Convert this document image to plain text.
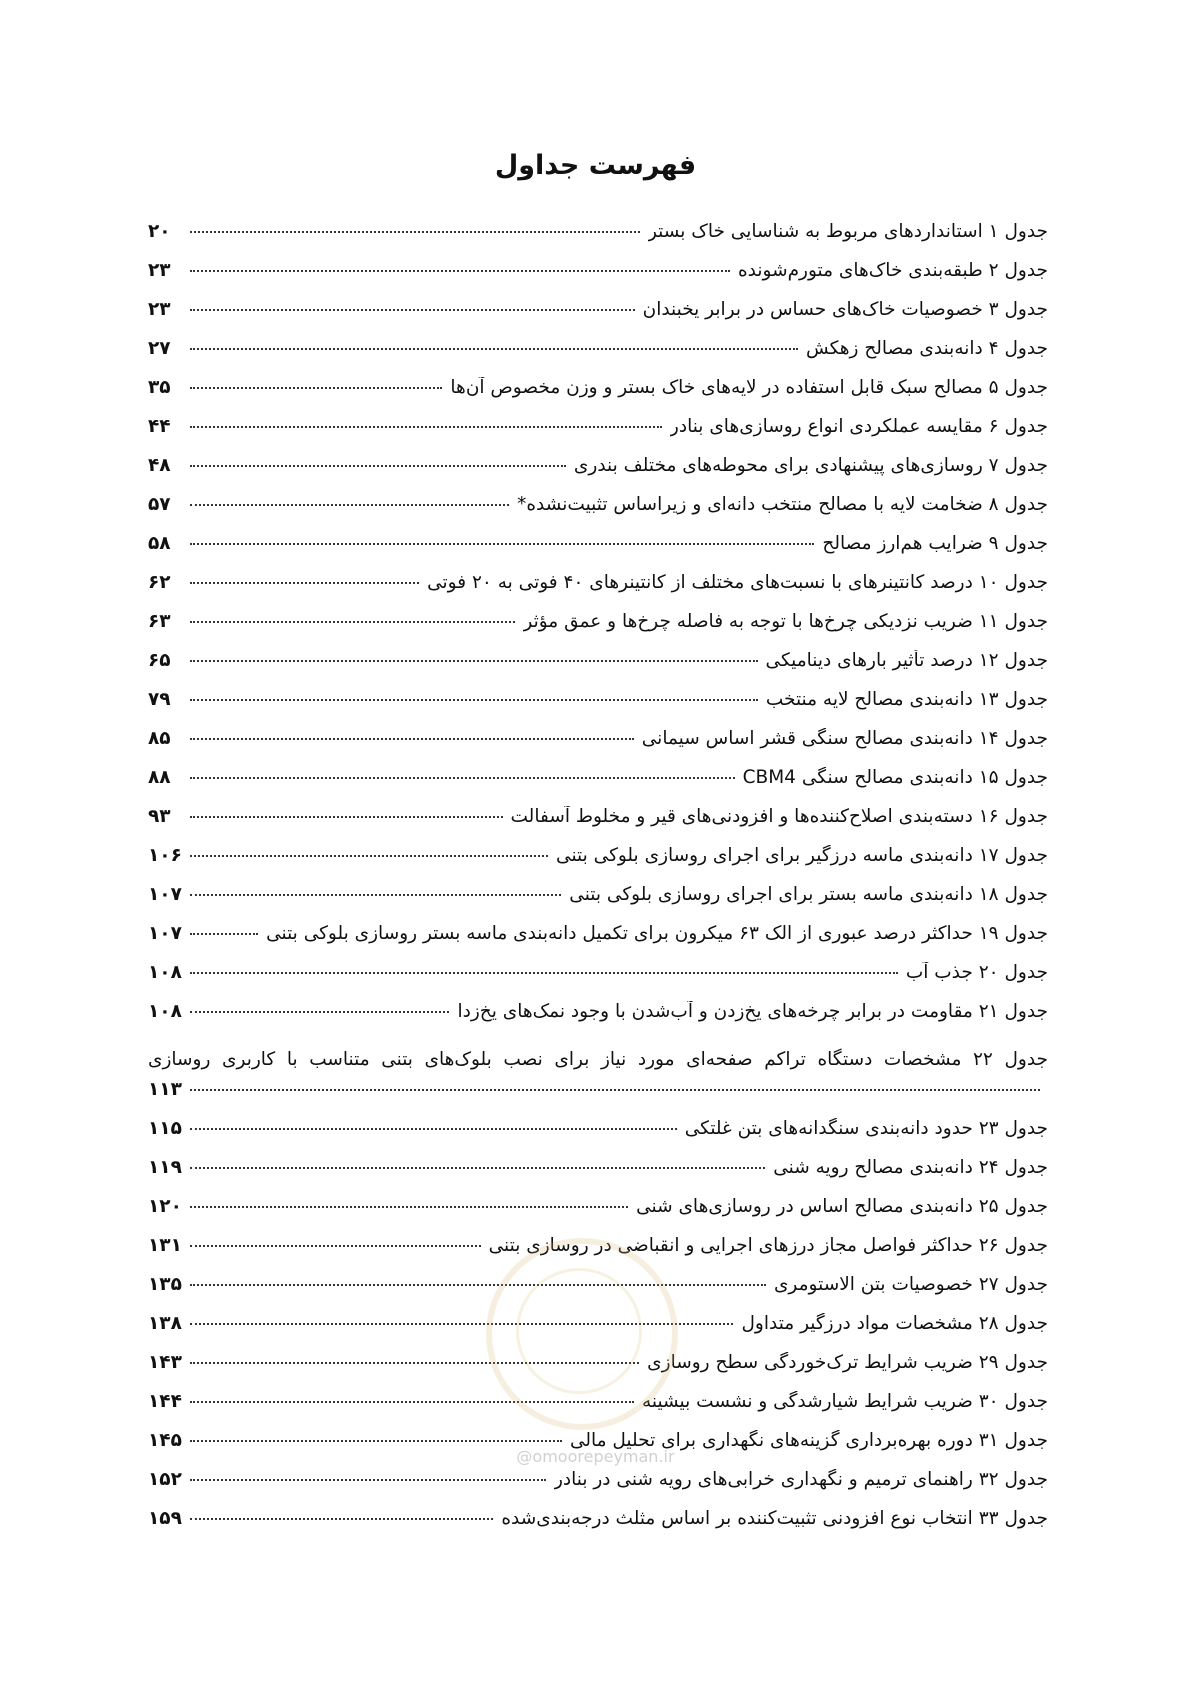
فهرست جداول
جدول ۱ استانداردهای مربوط به شناسایی خاک بستر
۲۰
جدول ۲ طبقه‌بندی خاک‌های متورم‌شونده
۲۳
جدول ۳ خصوصیات خاک‌های حساس در برابر یخبندان
۲۳
جدول ۴ دانه‌بندی مصالح زهکش
۲۷
جدول ۵ مصالح سبک قابل استفاده در لایه‌های خاک بستر و وزن مخصوص آن‌ها
۳۵
جدول ۶ مقایسه عملکردی انواع روسازی‌های بنادر
۴۴
جدول ۷ روسازی‌های پیشنهادی برای محوطه‌های مختلف بندری
۴۸
جدول ۸ ضخامت لایه با مصالح منتخب دانه‌ای و زیراساس تثبیت‌نشده*
۵۷
جدول ۹ ضرایب هم‌ارز مصالح
۵۸
جدول ۱۰ درصد کانتینرهای با نسبت‌های مختلف از کانتینرهای ۴۰ فوتی به ۲۰ فوتی
۶۲
جدول ۱۱ ضریب نزدیکی چرخ‌ها با توجه به فاصله چرخ‌ها و عمق مؤثر
۶۳
جدول ۱۲ درصد تأثیر بارهای دینامیکی
۶۵
جدول ۱۳ دانه‌بندی مصالح لایه منتخب
۷۹
جدول ۱۴ دانه‌بندی مصالح سنگی قشر اساس سیمانی
۸۵
جدول ۱۵ دانه‌بندی مصالح سنگی CBM4
۸۸
جدول ۱۶ دسته‌بندی اصلاح‌کننده‌ها و افزودنی‌های قیر و مخلوط آسفالت
۹۳
جدول ۱۷ دانه‌بندی ماسه درزگیر برای اجرای روسازی بلوکی بتنی
۱۰۶
جدول ۱۸ دانه‌بندی ماسه بستر برای اجرای روسازی بلوکی بتنی
۱۰۷
جدول ۱۹ حداکثر درصد عبوری از الک ۶۳ میکرون برای تکمیل دانه‌بندی ماسه بستر روسازی بلوکی بتنی
۱۰۷
جدول ۲۰ جذب آب
۱۰۸
جدول ۲۱ مقاومت در برابر چرخه‌های یخ‌زدن و آب‌شدن با وجود نمک‌های یخ‌زدا
۱۰۸
جدول ۲۲ مشخصات دستگاه تراکم صفحه‌ای مورد نیاز برای نصب بلوک‌های بتنی متناسب با کاربری روسازی
۱۱۳
جدول ۲۳ حدود دانه‌بندی سنگدانه‌های بتن غلتکی
۱۱۵
جدول ۲۴ دانه‌بندی مصالح رویه شنی
۱۱۹
جدول ۲۵ دانه‌بندی مصالح اساس در روسازی‌های شنی
۱۲۰
جدول ۲۶ حداکثر فواصل مجاز درزهای اجرایی و انقباضی در روسازی بتنی
۱۳۱
جدول ۲۷ خصوصیات بتن الاستومری
۱۳۵
جدول ۲۸ مشخصات مواد درزگیر متداول
۱۳۸
جدول ۲۹ ضریب شرایط ترک‌خوردگی سطح روسازی
۱۴۳
جدول ۳۰ ضریب شرایط شیارشدگی و نشست بیشینه
۱۴۴
جدول ۳۱ دوره بهره‌برداری گزینه‌های نگهداری برای تحلیل مالی
۱۴۵
جدول ۳۲ راهنمای ترمیم و نگهداری خرابی‌های رویه شنی در بنادر
۱۵۲
جدول ۳۳ انتخاب نوع افزودنی تثبیت‌کننده بر اساس مثلث درجه‌بندی‌شده
۱۵۹
@omoorepeyman.ir
